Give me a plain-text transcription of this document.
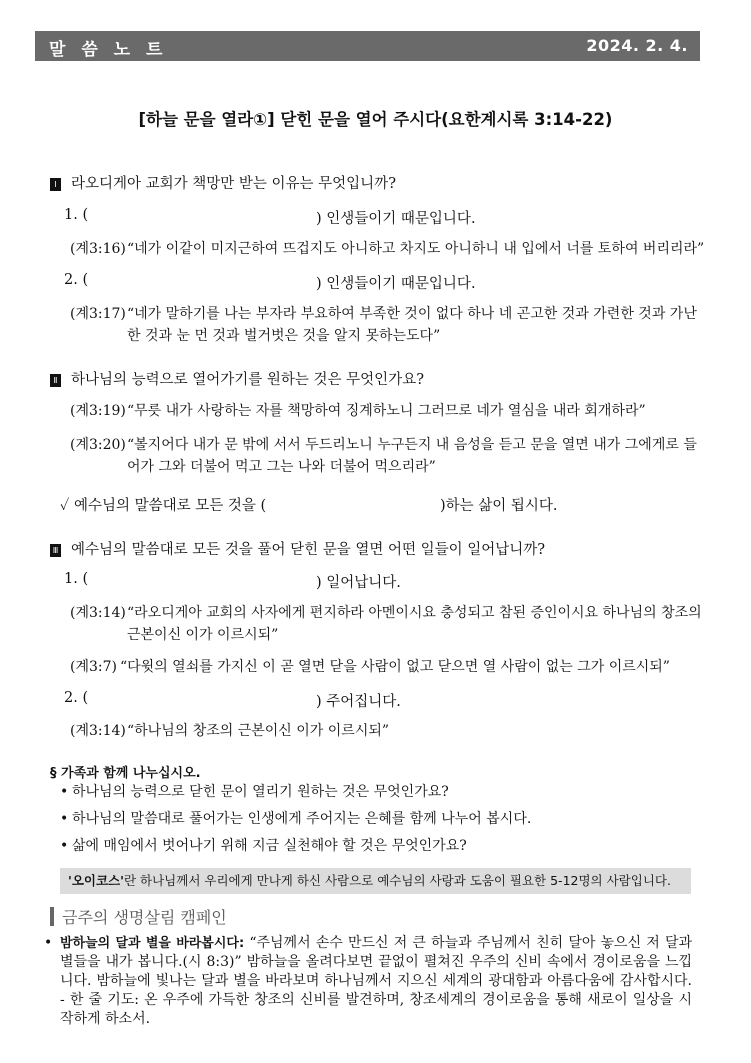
말 씀 노 트	2024. 2. 4.
[하늘 문을 열라①] 닫힌 문을 열어 주시다(요한계시록 3:14-22)
Ⅰ 라오디게아 교회가 책망만 받는 이유는 무엇입니까?
1. (	) 인생들이기 때문입니다.
(계3:16) “네가 이같이 미지근하여 뜨겁지도 아니하고 차지도 아니하니 내 입에서 너를 토하여 버리리라”
2. (	) 인생들이기 때문입니다.
(계3:17) “네가 말하기를 나는 부자라 부요하여 부족한 것이 없다 하나 네 곤고한 것과 가련한 것과 가난한 것과 눈 먼 것과 벌거벗은 것을 알지 못하는도다”
Ⅱ 하나님의 능력으로 열어가기를 원하는 것은 무엇인가요?
(계3:19) “무릇 내가 사랑하는 자를 책망하여 징계하노니 그러므로 네가 열심을 내라 회개하라”
(계3:20) “볼지어다 내가 문 밖에 서서 두드리노니 누구든지 내 음성을 듣고 문을 열면 내가 그에게로 들어가 그와 더불어 먹고 그는 나와 더불어 먹으리라”
✓ 예수님의 말씀대로 모든 것을 (	)하는 삶이 됩시다.
Ⅲ 예수님의 말씀대로 모든 것을 풀어 닫힌 문을 열면 어떤 일들이 일어납니까?
1. (	) 일어납니다.
(계3:14) “라오디게아 교회의 사자에게 편지하라 아멘이시요 충성되고 참된 증인이시요 하나님의 창조의 근본이신 이가 이르시되”
(계3:7) “다윗의 열쇠를 가지신 이 곧 열면 닫을 사람이 없고 닫으면 열 사람이 없는 그가 이르시되”
2. (	) 주어집니다.
(계3:14) “하나님의 창조의 근본이신 이가 이르시되”
§ 가족과 함께 나누십시오.
• 하나님의 능력으로 닫힌 문이 열리기 원하는 것은 무엇인가요?
• 하나님의 말씀대로 풀어가는 인생에게 주어지는 은혜를 함께 나누어 봅시다.
• 삶에 매임에서 벗어나기 위해 지금 실천해야 할 것은 무엇인가요?
'오이코스'란 하나님께서 우리에게 만나게 하신 사람으로 예수님의 사랑과 도움이 필요한 5-12명의 사람입니다.
금주의 생명살림 캠페인
• 밤하늘의 달과 별을 바라봅시다: “주님께서 손수 만드신 저 큰 하늘과 주님께서 친히 달아 놓으신 저 달과 별들을 내가 봅니다.(시 8:3)” 밤하늘을 올려다보면 끝없이 펼쳐진 우주의 신비 속에서 경이로움을 느낍니다. 밤하늘에 빛나는 달과 별을 바라보며 하나님께서 지으신 세계의 광대함과 아름다움에 감사합시다. - 한 줄 기도: 온 우주에 가득한 창조의 신비를 발견하며, 창조세계의 경이로움을 통해 새로이 일상을 시작하게 하소서.
